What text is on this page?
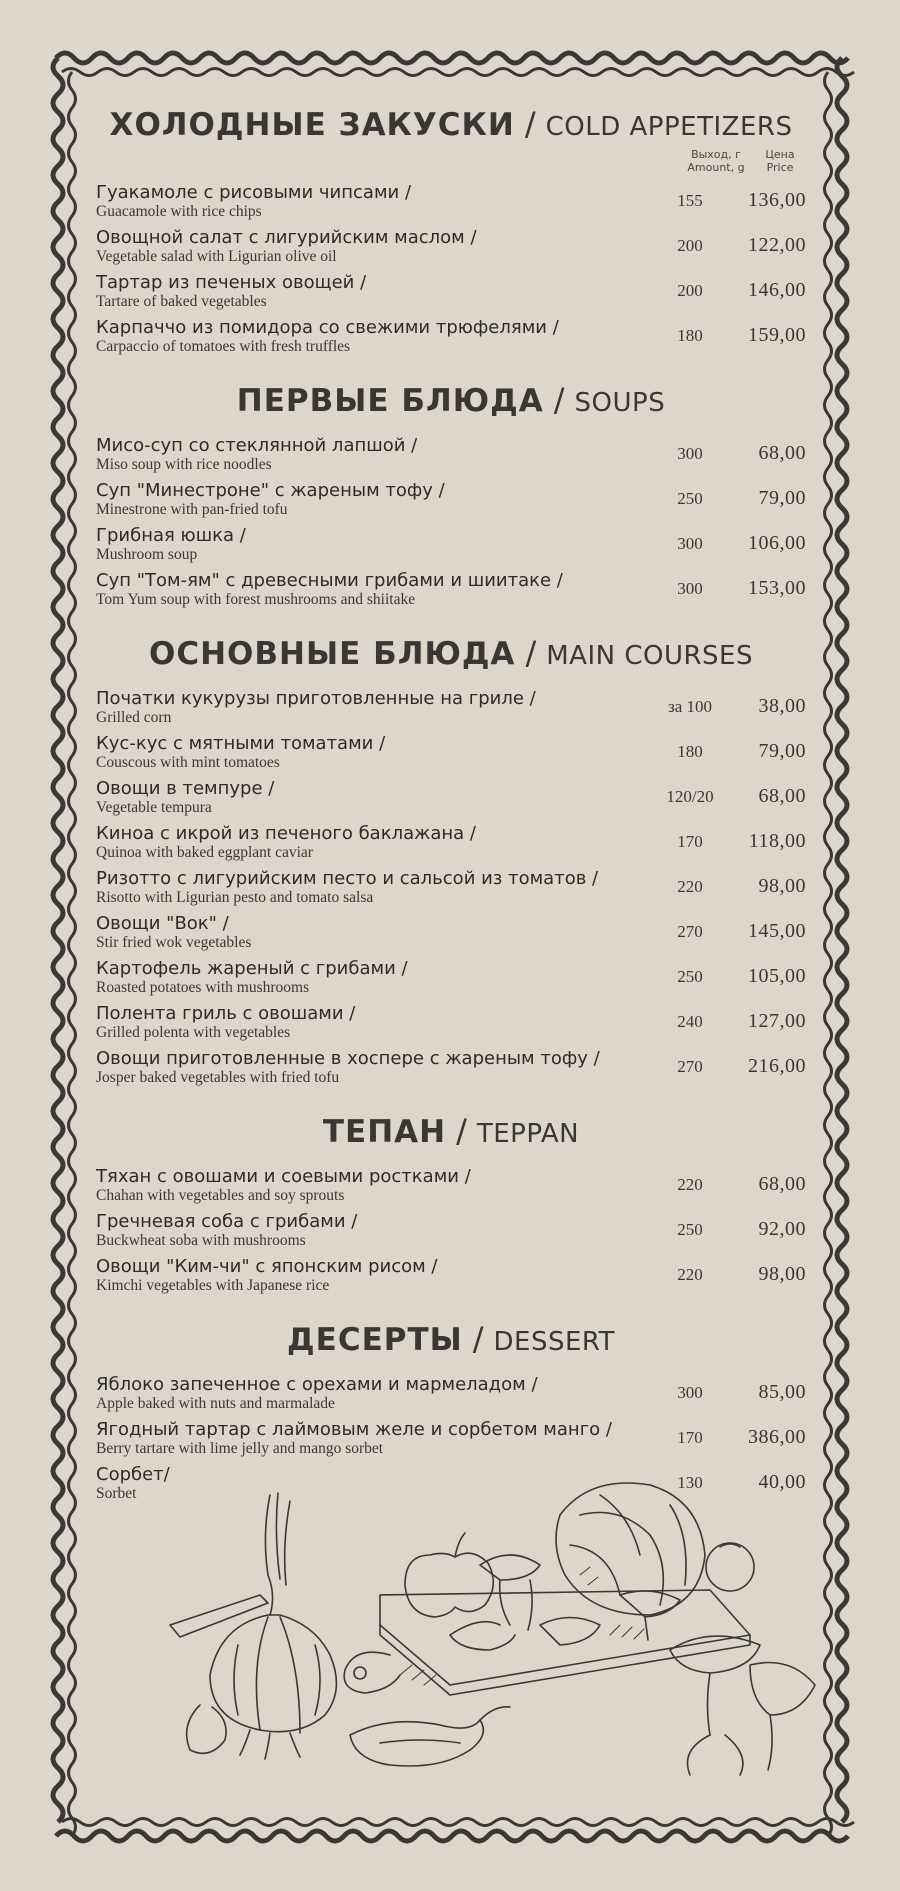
ХОЛОДНЫЕ ЗАКУСКИ / COLD APPETIZERS
Выход, г
Amount, g
Цена
Price
Гуакамоле с рисовыми чипсами /
Guacamole with rice chips
155	136,00
Овощной салат с лигурийским маслом /
Vegetable salad with Ligurian olive oil
200	122,00
Тартар из печеных овощей /
Tartare of baked vegetables
200	146,00
Карпаччо из помидора со свежими трюфелями /
Carpaccio of tomatoes with fresh truffles
180	159,00
ПЕРВЫЕ БЛЮДА / SOUPS
Мисо-суп со стеклянной лапшой /
Miso soup with rice noodles
300	68,00
Суп "Минестроне" с жареным тофу /
Minestrone with pan-fried tofu
250	79,00
Грибная юшка /
Mushroom soup
300	106,00
Суп "Том-ям" с древесными грибами и шиитаке /
Tom Yum soup with forest mushrooms and shiitake
300	153,00
ОСНОВНЫЕ БЛЮДА / MAIN COURSES
Початки кукурузы приготовленные на гриле /
Grilled corn
за 100	38,00
Кус-кус с мятными томатами /
Couscous with mint tomatoes
180	79,00
Овощи в темпуре /
Vegetable tempura
120/20	68,00
Киноа с икрой из печеного баклажана /
Quinoa with baked eggplant caviar
170	118,00
Ризотто с лигурийским песто и сальсой из томатов /
Risotto with Ligurian pesto and tomato salsa
220	98,00
Овощи "Вок" /
Stir fried wok vegetables
270	145,00
Картофель жареный с грибами /
Roasted potatoes with mushrooms
250	105,00
Полента гриль с овошами /
Grilled polenta with vegetables
240	127,00
Овощи приготовленные в хоспере с жареным тофу /
Josper baked vegetables with fried tofu
270	216,00
ТЕПАН / TEPPAN
Тяхан с овошами и соевыми ростками /
Chahan with vegetables and soy sprouts
220	68,00
Гречневая соба с грибами /
Buckwheat soba with mushrooms
250	92,00
Овощи "Ким-чи" с японским рисом /
Kimchi vegetables with Japanese rice
220	98,00
ДЕСЕРТЫ / DESSERT
Яблоко запеченное с орехами и мармеладом /
Apple baked with nuts and marmalade
300	85,00
Ягодный тартар с лаймовым желе и сорбетом манго /
Berry tartare with lime jelly and mango sorbet
170	386,00
Сорбет/
Sorbet
130	40,00
